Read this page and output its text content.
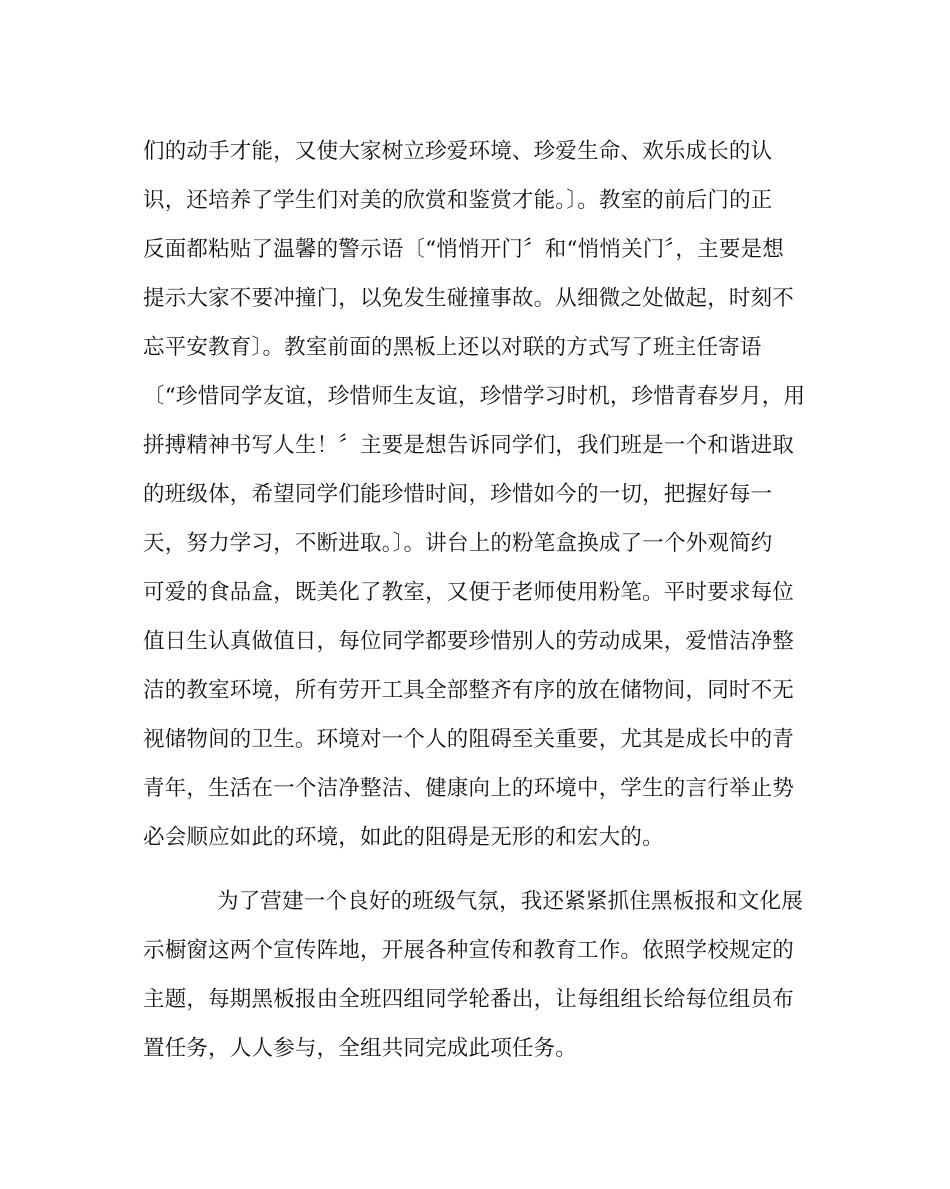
们的动手才能，又使大家树立珍爱环境、珍爱生命、欢乐成长的认
识，还培养了学生们对美的欣赏和鉴赏才能。〕。教室的前后门的正
反面都粘贴了温馨的警示语〔“悄悄开门〞和“悄悄关门〞，主要是想
提示大家不要冲撞门，以免发生碰撞事故。从细微之处做起，时刻不
忘平安教育〕。教室前面的黑板上还以对联的方式写了班主任寄语
〔“珍惜同学友谊，珍惜师生友谊，珍惜学习时机，珍惜青春岁月，用
拼搏精神书写人生！〞主要是想告诉同学们，我们班是一个和谐进取
的班级体，希望同学们能珍惜时间，珍惜如今的一切，把握好每一
天，努力学习，不断进取。〕。讲台上的粉笔盒换成了一个外观简约
可爱的食品盒，既美化了教室，又便于老师使用粉笔。平时要求每位
值日生认真做值日，每位同学都要珍惜别人的劳动成果，爱惜洁净整
洁的教室环境，所有劳开工具全部整齐有序的放在储物间，同时不无
视储物间的卫生。环境对一个人的阻碍至关重要，尤其是成长中的青
青年，生活在一个洁净整洁、健康向上的环境中，学生的言行举止势
必会顺应如此的环境，如此的阻碍是无形的和宏大的。
为了营建一个良好的班级气氛，我还紧紧抓住黑板报和文化展
示橱窗这两个宣传阵地，开展各种宣传和教育工作。依照学校规定的
主题，每期黑板报由全班四组同学轮番出，让每组组长给每位组员布
置任务，人人参与，全组共同完成此项任务。
